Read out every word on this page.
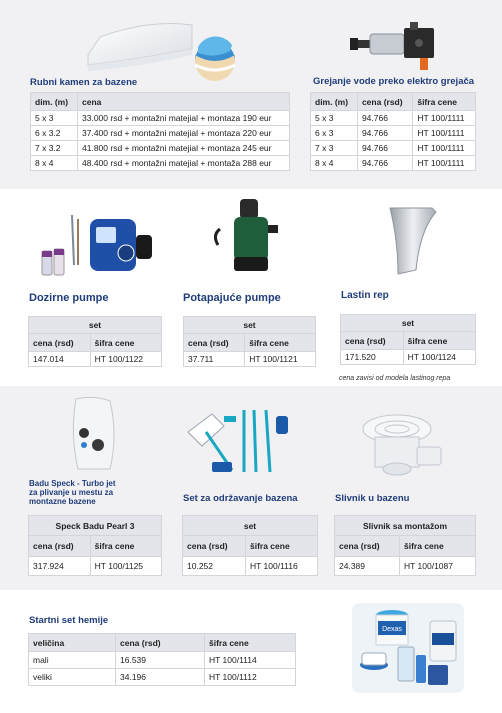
Rubni kamen za bazene
dim. (m)	cena
5 x 3	33.000 rsd + montažni matejial + montaza 190 eur
6 x 3.2	37.400 rsd + montažni matejial + montaza 220 eur
7 x 3.2	41.800 rsd + montažni matejial + montaza 245 eur
8 x 4	48.400 rsd + montažni matejial + montaža 288 eur
Grejanje vode preko elektro grejača
dim. (m)	cena (rsd)	šifra cene
5 x 3	94.766	HT 100/1111
6 x 3	94.766	HT 100/1111
7 x 3	94.766	HT 100/1111
8 x 4	94.766	HT 100/1111
Dozirne pumpe
set	
cena (rsd)	šifra cene
147.014	HT 100/1122
Potapajuće pumpe
set	
cena (rsd)	šifra cene
37.711	HT 100/1121
Lastin rep
set	
cena (rsd)	šifra cene
171.520	HT 100/1124
cena zavisi od modela lastinog repa
Badu Speck - Turbo jet
za plivanje u mestu za
montazne bazene
Speck Badu Pearl 3	
cena (rsd)	šifra cene
317.924	HT 100/1125
Set za održavanje bazena
set	
cena (rsd)	šifra cene
10.252	HT 100/1116
Slivnik u bazenu
Slivnik sa montažom	
cena (rsd)	šifra cene
24.389	HT 100/1087
Startni set hemije
veličina	cena (rsd)	šifra cene
mali	16.539	HT 100/1114
veliki	34.196	HT 100/1112
Dexas
